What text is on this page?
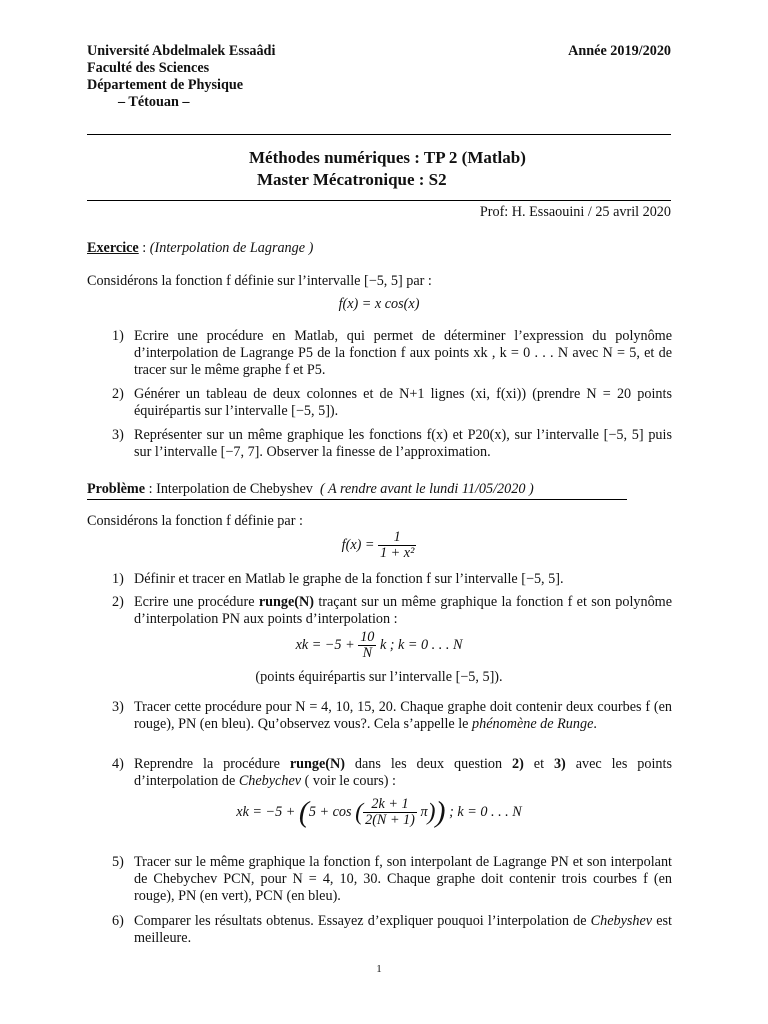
Université Abdelmalek Essaâdi
Faculté des Sciences
Département de Physique
– Tétouan –
Année 2019/2020
Méthodes numériques : TP 2 (Matlab)
Master Mécatronique : S2
Prof: H. Essaouini / 25 avril 2020
Exercice : (Interpolation de Lagrange )
Considérons la fonction f définie sur l’intervalle [−5, 5] par :
f(x) = x cos(x)
1) Ecrire une procédure en Matlab, qui permet de déterminer l’expression du polynôme d’interpolation de Lagrange P5 de la fonction f aux points xk , k = 0 . . . N avec N = 5, et de tracer sur le même graphe f et P5.
2) Générer un tableau de deux colonnes et de N+1 lignes (xi, f(xi)) (prendre N = 20 points équirépartis sur l’intervalle [−5, 5]).
3) Représenter sur un même graphique les fonctions f(x) et P20(x), sur l’intervalle [−5, 5] puis sur l’intervalle [−7, 7]. Observer la finesse de l’approximation.
Problème : Interpolation de Chebyshev ( A rendre avant le lundi 11/05/2020 )
Considérons la fonction f définie par :
$f(x) = \frac{1}{\text{1 + x²}}$
1) Définir et tracer en Matlab le graphe de la fonction f sur l’intervalle [−5, 5].
2) Ecrire une procédure runge(N) traçant sur un même graphique la fonction f et son polynôme d’interpolation PN aux points d’interpolation :
xk = $-5 + \frac{10}{N}$ k ; k = 0 . . . N
(points équirépartis sur l’intervalle [−5, 5]).
3) Tracer cette procédure pour N = 4, 10, 15, 20. Chaque graphe doit contenir deux courbes f (en rouge), PN (en bleu). Qu’observez vous?. Cela s’appelle le phénomène de Runge.
4) Reprendre la procédure runge(N) dans les deux question 2) et 3) avec les points d’interpolation de Chebychev ( voir le cours) :
xk = −5 + (5 + cos ( $\frac{2k + 1}{2(N + 1)} \pi$)) ; k = 0 . . . N
5) Tracer sur le même graphique la fonction f, son interpolant de Lagrange PN et son interpolant de Chebychev PCN, pour N = 4, 10, 30. Chaque graphe doit contenir trois courbes f (en rouge), PN (en vert), PCN (en bleu).
6) Comparer les résultats obtenus. Essayez d’expliquer pouquoi l’interpolation de Chebyshev est meilleure.
1
